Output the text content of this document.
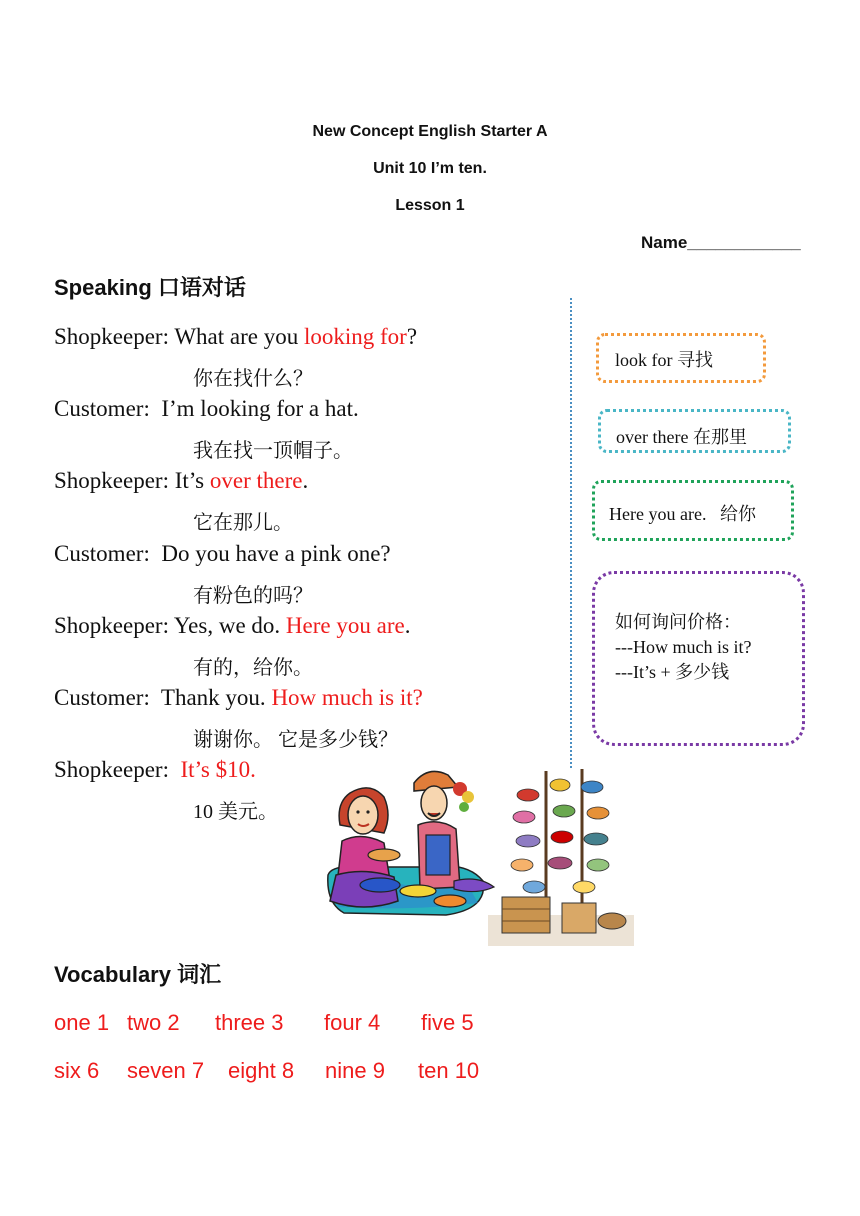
New Concept English Starter A
Unit 10 I’m ten.
Lesson 1
Name____________
Speaking 口语对话
Shopkeeper: What are you looking for?
你在找什么？
Customer:  I’m looking for a hat.
我在找一顶帽子。
Shopkeeper: It’s over there.
它在那儿。
Customer:  Do you have a pink one?
有粉色的吗？
Shopkeeper: Yes, we do. Here you are.
有的，给你。
Customer:  Thank you. How much is it?
谢谢你。 它是多少钱？
Shopkeeper:  It’s $10.
10 美元。
look for 寻找
over there 在那里
Here you are.   给你
如何询问价格：
---How much is it?
---It’s + 多少钱
Vocabulary 词汇
one 1 two 2 three 3 four 4 five 5
six 6 seven 7 eight 8 nine 9 ten 10
